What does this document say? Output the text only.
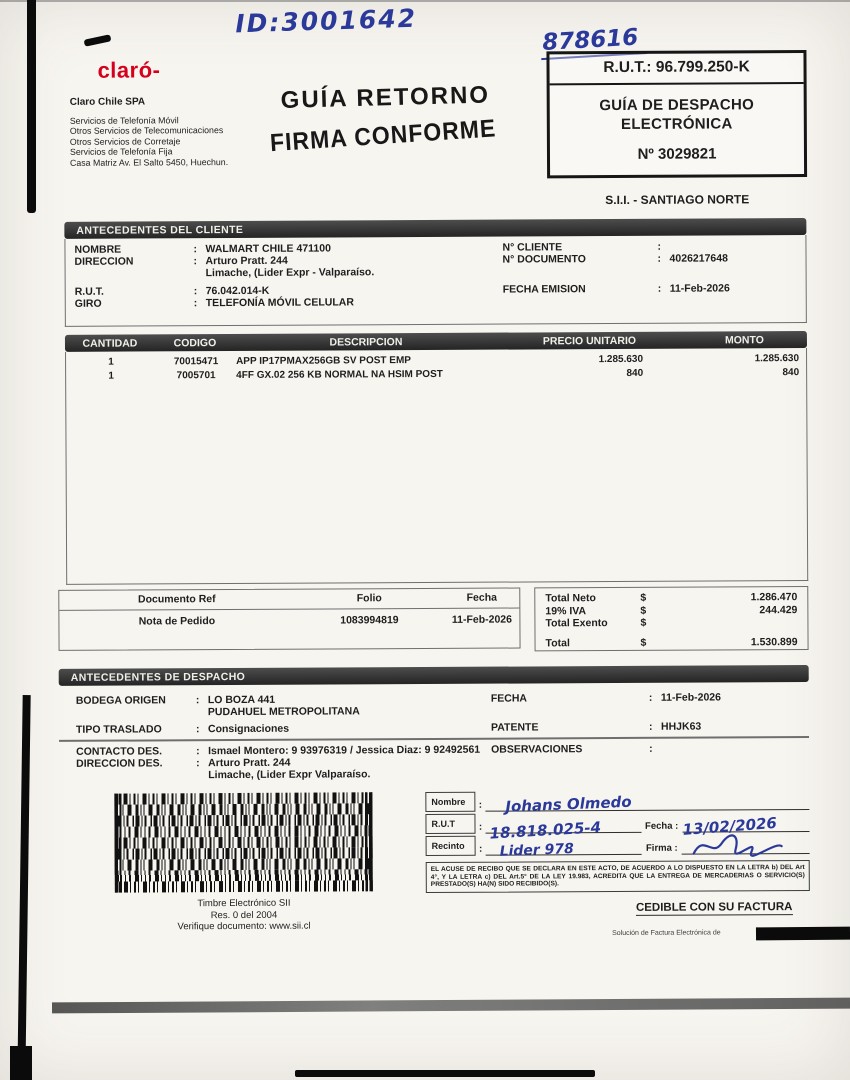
ID:3001642
878616
claró-
Claro Chile SPA
Servicios de Telefonía Móvil
Otros Servicios de Telecomunicaciones
Otros Servicios de Corretaje
Servicios de Telefonía Fija
Casa Matriz Av. El Salto 5450, Huechun.
GUÍA RETORNO
FIRMA CONFORME
R.U.T.: 96.799.250-K
GUÍA DE DESPACHO
ELECTRÓNICA
Nº 3029821
S.I.I. - SANTIAGO NORTE
ANTECEDENTES DEL CLIENTE
NOMBRE	: WALMART CHILE 471100
DIRECCION	: Arturo Pratt. 244
Limache, (Lider Expr - Valparaíso.
R.U.T.	: 76.042.014-K
GIRO	: TELEFONÍA MÓVIL CELULAR
N° CLIENTE	:
N° DOCUMENTO	: 4026217648
FECHA EMISION	: 11-Feb-2026
CANTIDAD	CODIGO	DESCRIPCION	PRECIO UNITARIO	MONTO
1	70015471	APP IP17PMAX256GB SV POST EMP	1.285.630	1.285.630
1	7005701	4FF GX.02 256 KB NORMAL NA HSIM POST	840	840
Documento Ref	Folio	Fecha
Nota de Pedido	1083994819	11-Feb-2026
Total Neto	$	1.286.470
19% IVA	$	244.429
Total Exento	$
Total	$	1.530.899
ANTECEDENTES DE DESPACHO
BODEGA ORIGEN	: LO BOZA 441
PUDAHUEL METROPOLITANA
FECHA	: 11-Feb-2026
TIPO TRASLADO	: Consignaciones	PATENTE	: HHJK63
CONTACTO DES.	: Ismael Montero: 9 93976319 / Jessica Diaz: 9 92492561 OBSERVACIONES	:
DIRECCION DES.	: Arturo Pratt. 244
Limache, (Lider Expr Valparaíso.
Timbre Electrónico SII
Res. 0 del 2004
Verifique documento: www.sii.cl
Nombre	: Johans Olmedo
R.U.T	: 18.818.025-4	Fecha : 13/02/2026
Recinto	: Lider 978	Firma :
EL ACUSE DE RECIBO QUE SE DECLARA EN ESTE ACTO, DE ACUERDO A LO DISPUESTO EN LA LETRA b) DEL Art 4°, Y LA LETRA c) DEL Art.5° DE LA LEY 19.983, ACREDITA QUE LA ENTREGA DE MERCADERIAS O SERVICIO(S) PRESTADO(S) HA(N) SIDO RECIBIDO(S).
CEDIBLE CON SU FACTURA
Solución de Factura Electrónica de
